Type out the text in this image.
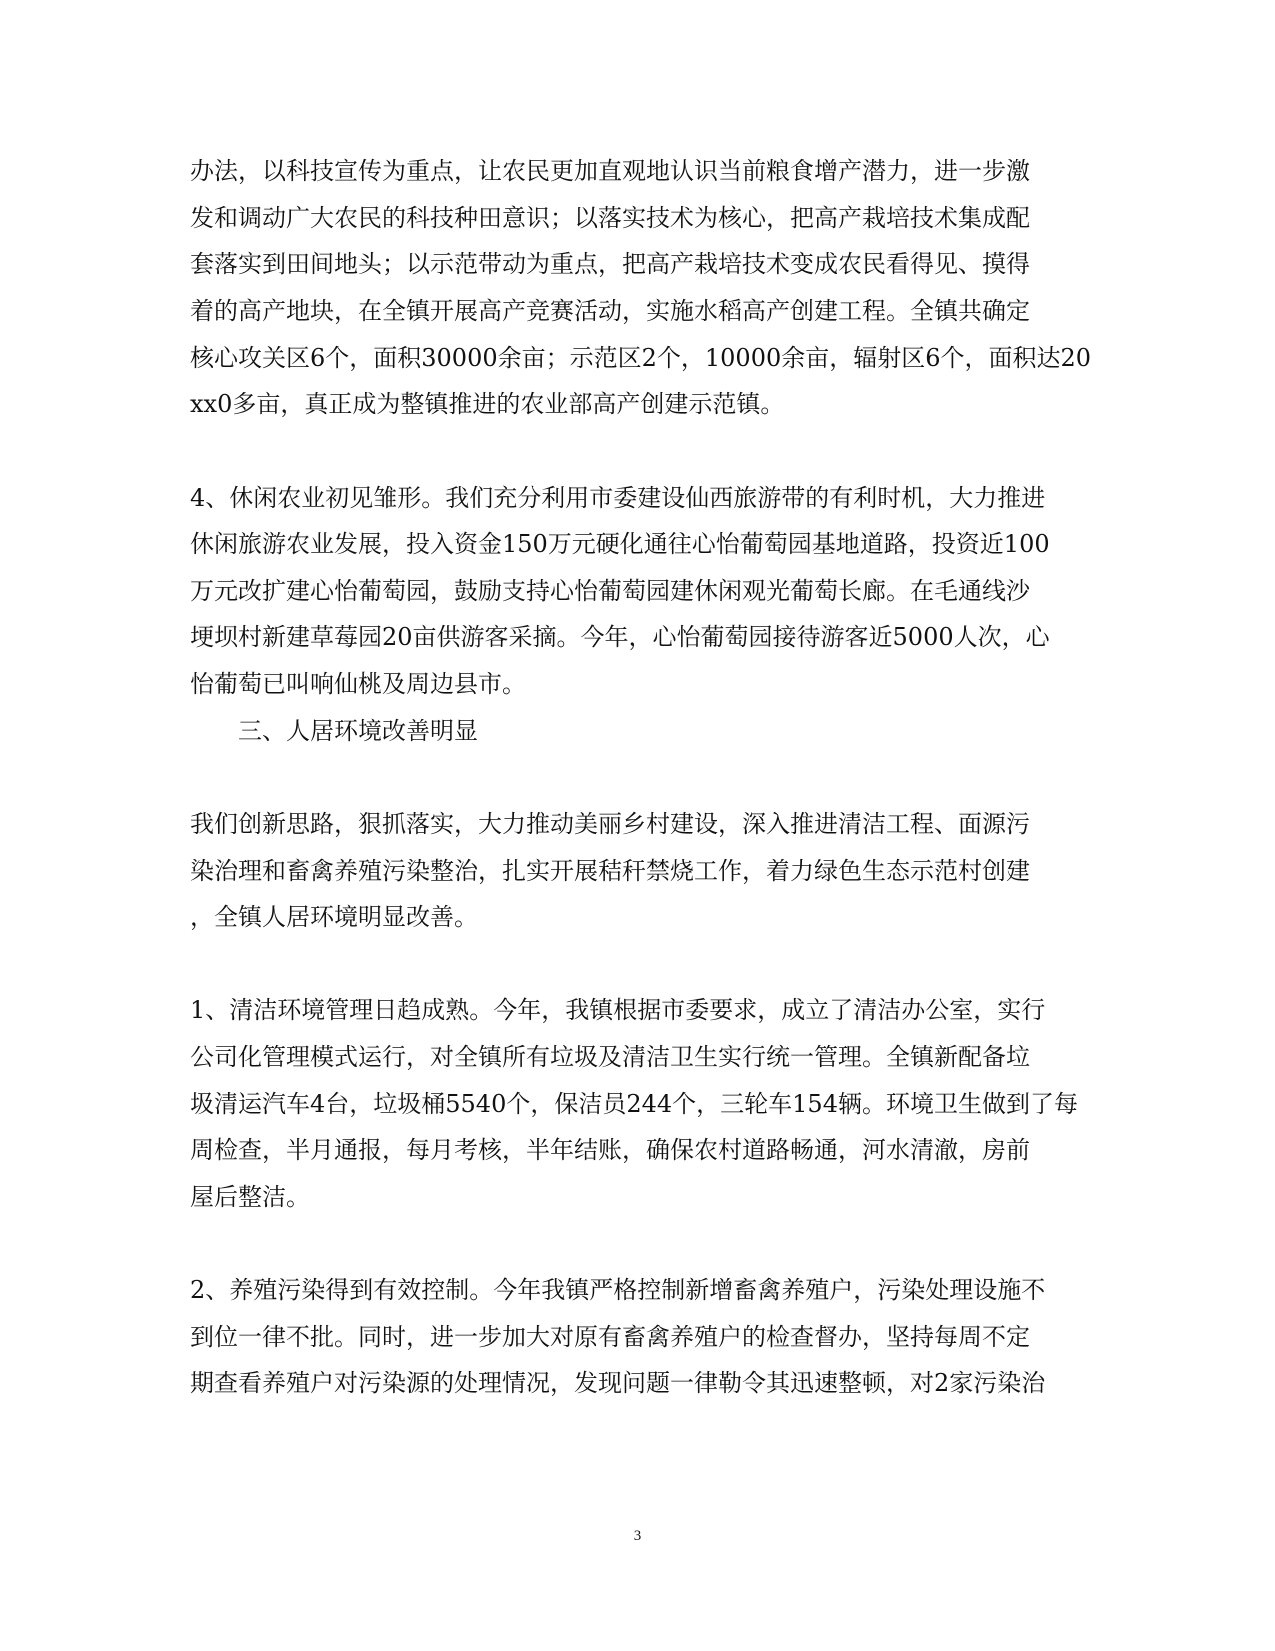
办法，以科技宣传为重点，让农民更加直观地认识当前粮食增产潜力，进一步激
发和调动广大农民的科技种田意识；以落实技术为核心，把高产栽培技术集成配
套落实到田间地头；以示范带动为重点，把高产栽培技术变成农民看得见、摸得
着的高产地块，在全镇开展高产竞赛活动，实施水稻高产创建工程。全镇共确定
核心攻关区6个，面积30000余亩；示范区2个，10000余亩，辐射区6个，面积达20
xx0多亩，真正成为整镇推进的农业部高产创建示范镇。
4、休闲农业初见雏形。我们充分利用市委建设仙西旅游带的有利时机，大力推进
休闲旅游农业发展，投入资金150万元硬化通往心怡葡萄园基地道路，投资近100
万元改扩建心怡葡萄园，鼓励支持心怡葡萄园建休闲观光葡萄长廊。在毛通线沙
埂坝村新建草莓园20亩供游客采摘。今年，心怡葡萄园接待游客近5000人次，心
怡葡萄已叫响仙桃及周边县市。
三、人居环境改善明显
我们创新思路，狠抓落实，大力推动美丽乡村建设，深入推进清洁工程、面源污
染治理和畜禽养殖污染整治，扎实开展秸秆禁烧工作，着力绿色生态示范村创建
，全镇人居环境明显改善。
1、清洁环境管理日趋成熟。今年，我镇根据市委要求，成立了清洁办公室，实行
公司化管理模式运行，对全镇所有垃圾及清洁卫生实行统一管理。全镇新配备垃
圾清运汽车4台，垃圾桶5540个，保洁员244个，三轮车154辆。环境卫生做到了每
周检查，半月通报，每月考核，半年结账，确保农村道路畅通，河水清澈，房前
屋后整洁。
2、养殖污染得到有效控制。今年我镇严格控制新增畜禽养殖户，污染处理设施不
到位一律不批。同时，进一步加大对原有畜禽养殖户的检查督办，坚持每周不定
期查看养殖户对污染源的处理情况，发现问题一律勒令其迅速整顿，对2家污染治
3
